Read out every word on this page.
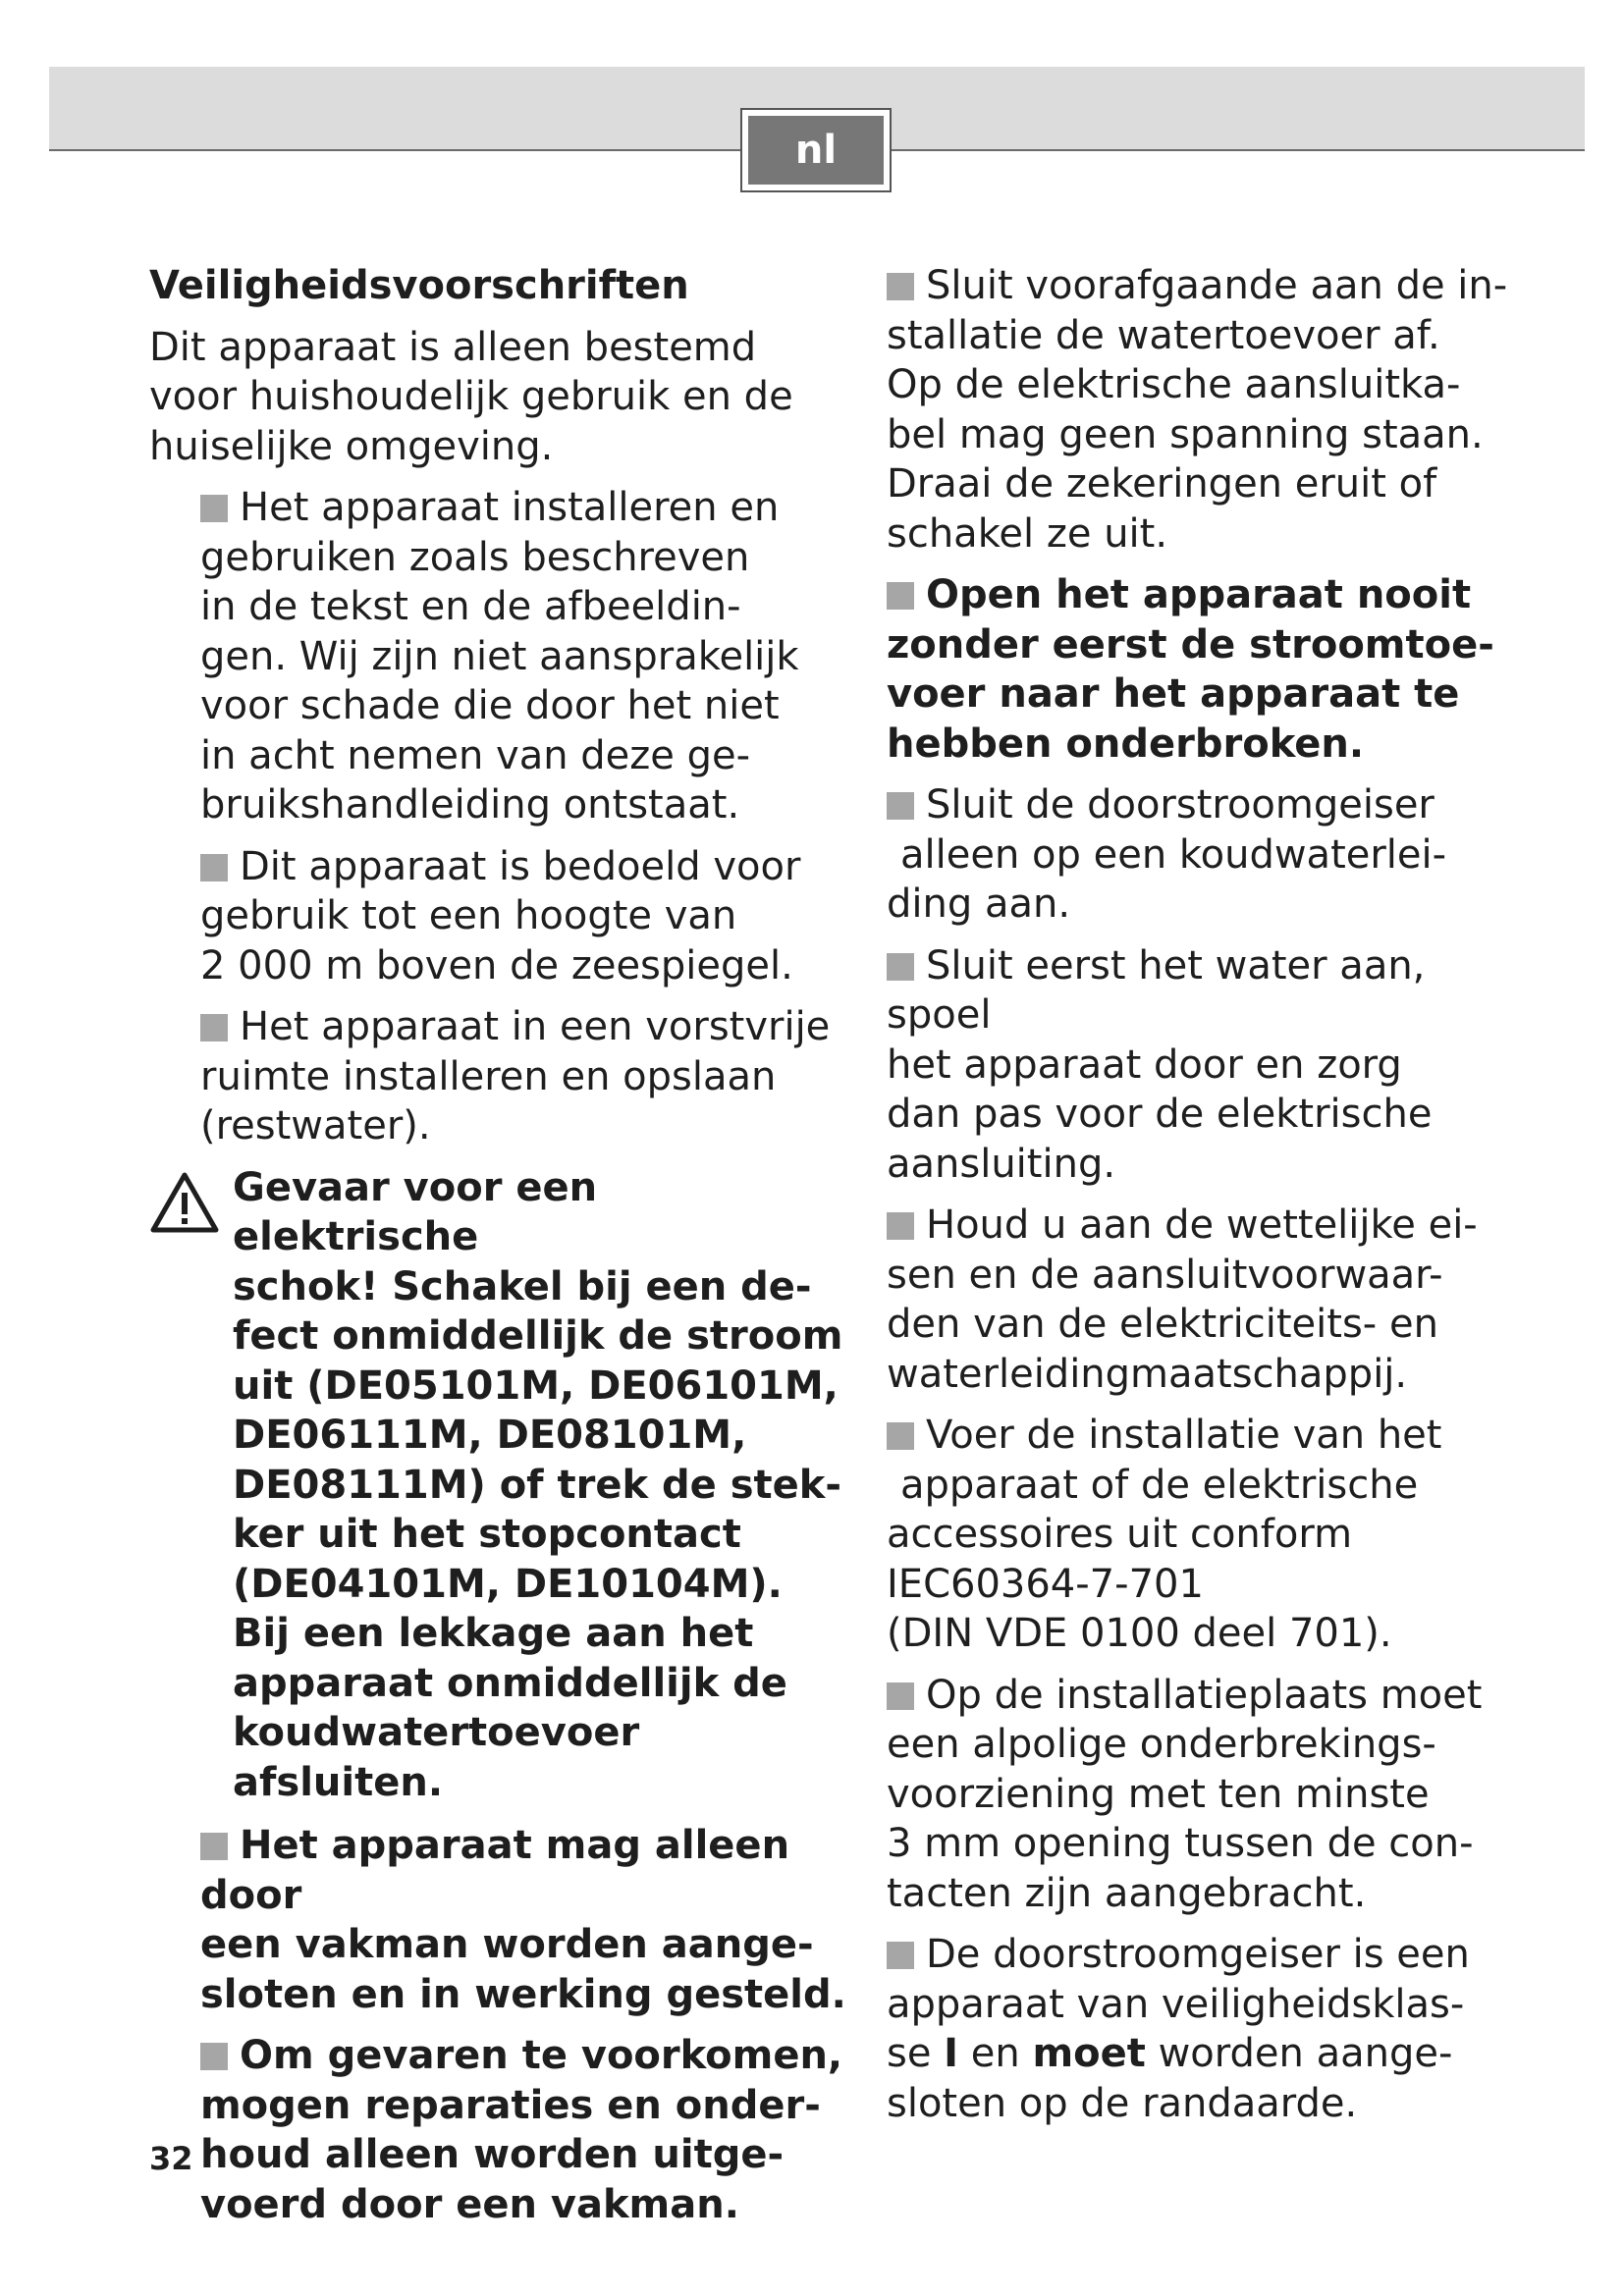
nl

Veiligheidsvoorschriften

Dit apparaat is alleen bestemd
voor huishoudelijk gebruik en de
huiselijke omgeving.

Het apparaat installeren en
gebruiken zoals beschreven
in de tekst en de afbeeldin-
gen. Wij zijn niet aansprakelijk
voor schade die door het niet
in acht nemen van deze ge-
bruikshandleiding ontstaat.

Dit apparaat is bedoeld voor
gebruik tot een hoogte van
2 000 m boven de zeespiegel.

Het apparaat in een vorstvrije
ruimte installeren en opslaan
(restwater).

Gevaar voor een elektrische
schok! Schakel bij een de-
fect onmiddellijk de stroom
uit (DE05101M, DE06101M,
DE06111M, DE08101M,
DE08111M) of trek de stek-
ker uit het stopcontact
(DE04101M, DE10104M).
Bij een lekkage aan het
apparaat onmiddellijk de
koudwatertoevoer afsluiten.

Het apparaat mag alleen door
een vakman worden aange-
sloten en in werking gesteld.

Om gevaren te voorkomen,
mogen reparaties en onder-
houd alleen worden uitge-
voerd door een vakman.

Sluit voorafgaande aan de in-
stallatie de watertoevoer af.
Op de elektrische aansluitka-
bel mag geen spanning staan.
Draai de zekeringen eruit of
schakel ze uit.

Open het apparaat nooit
zonder eerst de stroomtoe-
voer naar het apparaat te
hebben onderbroken.

Sluit de doorstroomgeiser
alleen op een koudwaterlei-
ding aan.

Sluit eerst het water aan, spoel
het apparaat door en zorg
dan pas voor de elektrische
aansluiting.

Houd u aan de wettelijke ei-
sen en de aansluitvoorwaar-
den van de elektriciteits- en
waterleidingmaatschappij.

Voer de installatie van het
apparaat of de elektrische
accessoires uit conform
IEC60364-7-701
(DIN VDE 0100 deel 701).

Op de installatieplaats moet
een alpolige onderbrekings-
voorziening met ten minste
3 mm opening tussen de con-
tacten zijn aangebracht.

De doorstroomgeiser is een
apparaat van veiligheidsklas-
se I en moet worden aange-
sloten op de randaarde.

32
